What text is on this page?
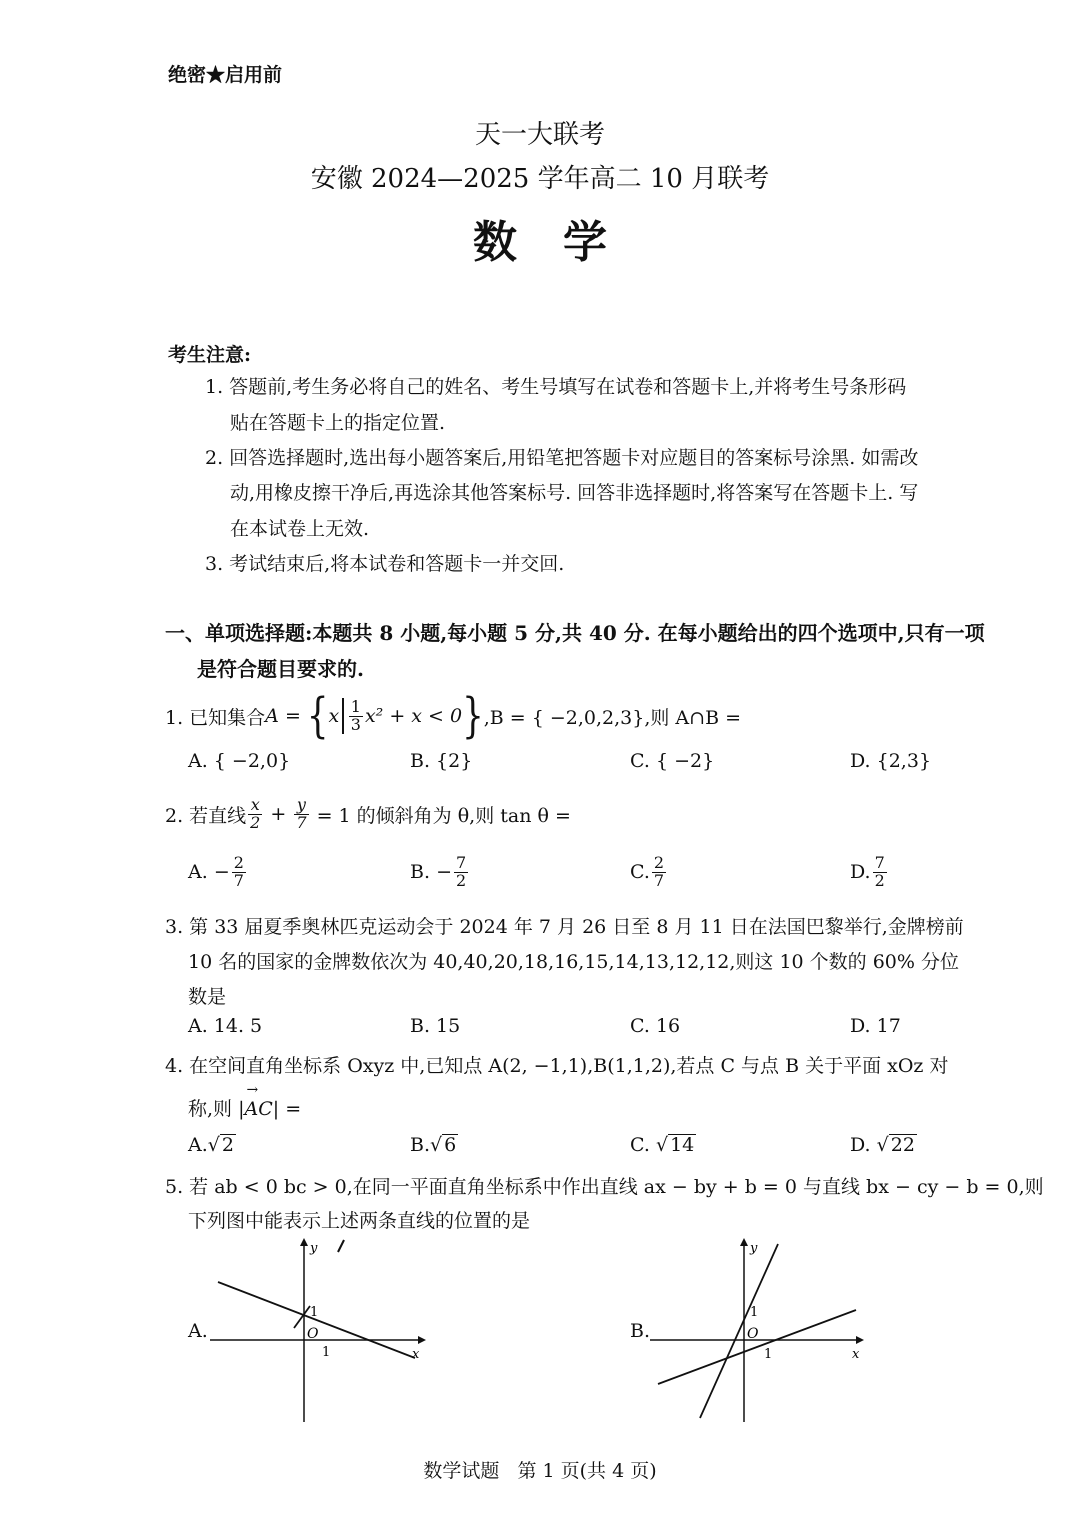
绝密★启用前
天一大联考
安徽 2024—2025 学年高二 10 月联考
数   学
考生注意:
1. 答题前,考生务必将自己的姓名、考生号填写在试卷和答题卡上,并将考生号条形码
贴在答题卡上的指定位置.
2. 回答选择题时,选出每小题答案后,用铅笔把答题卡对应题目的答案标号涂黑. 如需改
动,用橡皮擦干净后,再选涂其他答案标号. 回答非选择题时,将答案写在答题卡上. 写
在本试卷上无效.
3. 考试结束后,将本试卷和答题卡一并交回.
一、单项选择题:本题共 8 小题,每小题 5 分,共 40 分. 在每小题给出的四个选项中,只有一项
是符合题目要求的.
1. 已知集合 A = { x $\frac{1}{3} x^2 + x < 0$ } ,B = { −2,0,2,3},则 A∩B =
A. { −2,0}	B. {2}	C. { −2}	D. {2,3}
2. 若直线 $\frac{x}{2} + \frac{y}{7} = 1$ 的倾斜角为 θ,则 tan θ =
A.
− $\frac{2}{7}$	B.
− $\frac{7}{2}$	C. $\frac{2}{7}$	D. $\frac{7}{2}$
3. 第 33 届夏季奥林匹克运动会于 2024 年 7 月 26 日至 8 月 11 日在法国巴黎举行,金牌榜前
10 名的国家的金牌数依次为 40,40,20,18,16,15,14,13,12,12,则这 10 个数的 60% 分位
数是
A. 14. 5	B. 15	C. 16	D. 17
4. 在空间直角坐标系 Oxyz 中,已知点 A(2, −1,1),B(1,1,2),若点 C 与点 B 关于平面 xOz 对
称,则 |→ AC| =
A.√ 2	B.√ 6	C. √ 14	D. √ 22
5. 若 ab < 0 bc > 0,在同一平面直角坐标系中作出直线 ax − by + b = 0 与直线 bx − cy − b = 0,则
下列图中能表示上述两条直线的位置的是
A.
y
x
O
1
1
B.
y
x
O
1
1
数学试题   第 1 页(共 4 页)
